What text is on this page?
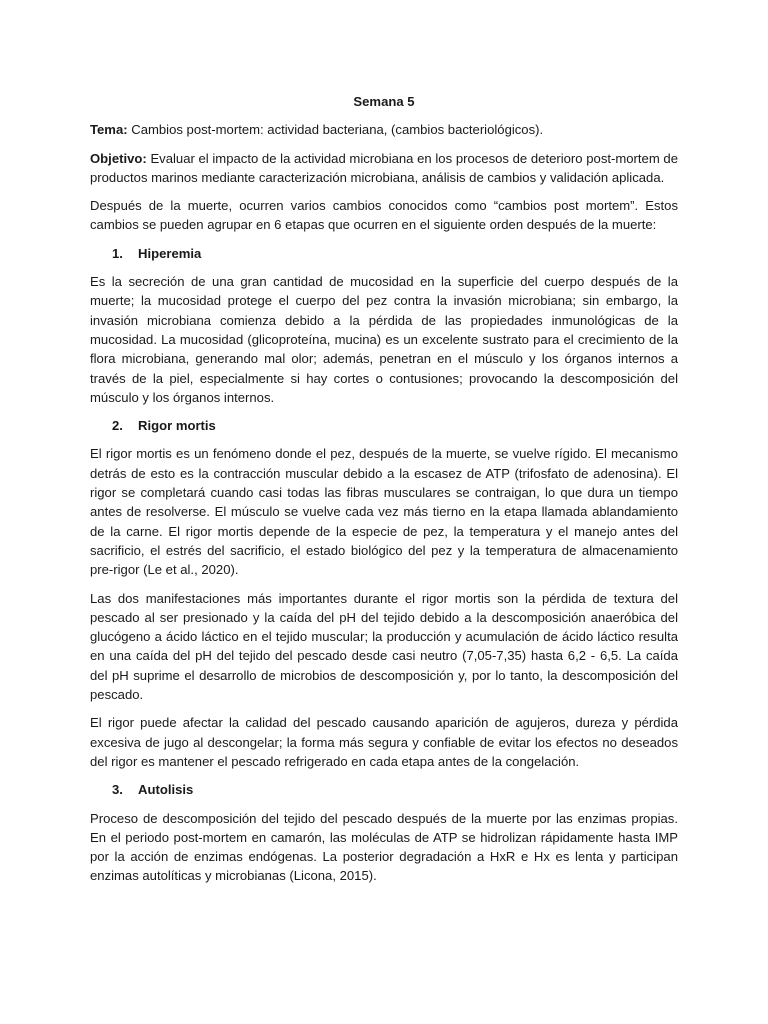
Semana 5

Tema: Cambios post-mortem: actividad bacteriana, (cambios bacteriológicos).

Objetivo: Evaluar el impacto de la actividad microbiana en los procesos de deterioro post-mortem de productos marinos mediante caracterización microbiana, análisis de cambios y validación aplicada.

Después de la muerte, ocurren varios cambios conocidos como “cambios post mortem”. Estos cambios se pueden agrupar en 6 etapas que ocurren en el siguiente orden después de la muerte:

1.	Hiperemia

Es la secreción de una gran cantidad de mucosidad en la superficie del cuerpo después de la muerte; la mucosidad protege el cuerpo del pez contra la invasión microbiana; sin embargo, la invasión microbiana comienza debido a la pérdida de las propiedades inmunológicas de la mucosidad. La mucosidad (glicoproteína, mucina) es un excelente sustrato para el crecimiento de la flora microbiana, generando mal olor; además, penetran en el músculo y los órganos internos a través de la piel, especialmente si hay cortes o contusiones; provocando la descomposición del músculo y los órganos internos.

2.	Rigor mortis

El rigor mortis es un fenómeno donde el pez, después de la muerte, se vuelve rígido. El mecanismo detrás de esto es la contracción muscular debido a la escasez de ATP (trifosfato de adenosina). El rigor se completará cuando casi todas las fibras musculares se contraigan, lo que dura un tiempo antes de resolverse. El músculo se vuelve cada vez más tierno en la etapa llamada ablandamiento de la carne. El rigor mortis depende de la especie de pez, la temperatura y el manejo antes del sacrificio, el estrés del sacrificio, el estado biológico del pez y la temperatura de almacenamiento pre-rigor (Le et al., 2020).

Las dos manifestaciones más importantes durante el rigor mortis son la pérdida de textura del pescado al ser presionado y la caída del pH del tejido debido a la descomposición anaeróbica del glucógeno a ácido láctico en el tejido muscular; la producción y acumulación de ácido láctico resulta en una caída del pH del tejido del pescado desde casi neutro (7,05-7,35) hasta 6,2 - 6,5. La caída del pH suprime el desarrollo de microbios de descomposición y, por lo tanto, la descomposición del pescado.

El rigor puede afectar la calidad del pescado causando aparición de agujeros, dureza y pérdida excesiva de jugo al descongelar; la forma más segura y confiable de evitar los efectos no deseados del rigor es mantener el pescado refrigerado en cada etapa antes de la congelación.

3.	Autolisis

Proceso de descomposición del tejido del pescado después de la muerte por las enzimas propias. En el periodo post-mortem en camarón, las moléculas de ATP se hidrolizan rápidamente hasta IMP por la acción de enzimas endógenas. La posterior degradación a HxR e Hx es lenta y participan enzimas autolíticas y microbianas (Licona, 2015).
